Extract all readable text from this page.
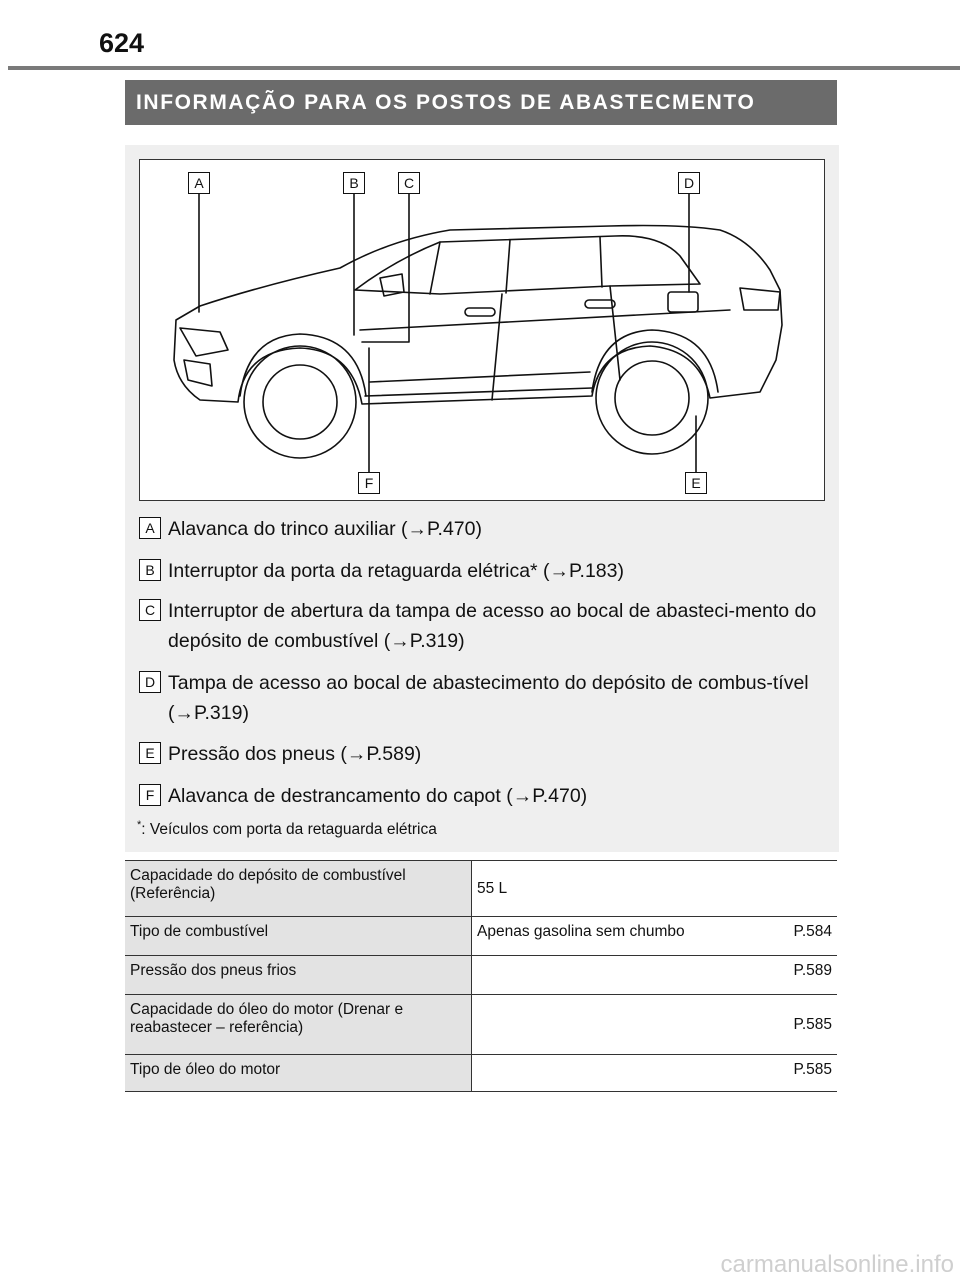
624
INFORMAÇÃO PARA OS POSTOS DE ABASTECMENTO
A	B	C	D
E
F
A Alavanca do trinco auxiliar (→P.470)
B Interruptor da porta da retaguarda elétrica* (→P.183)
C Interruptor de abertura da tampa de acesso ao bocal de abasteci-mento do depósito de combustível (→P.319)
D Tampa de acesso ao bocal de abastecimento do depósito de combus-tível (→P.319)
E Pressão dos pneus (→P.589)
F Alavanca de destrancamento do capot (→P.470)
*: Veículos com porta da retaguarda elétrica
Capacidade do depósito de combustível (Referência)	55 L

Tipo de combustível	Apenas gasolina sem chumbo P.584

Pressão dos pneus frios	P.589

Capacidade do óleo do motor (Drenar e reabastecer – referência)	P.585

Tipo de óleo do motor	P.585
carmanualsonline.info
